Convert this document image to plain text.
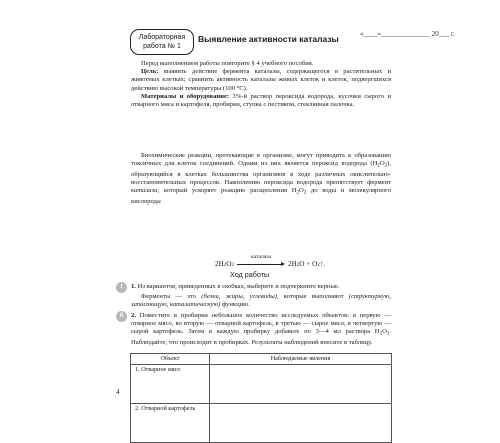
Лабораторная
работа № 1
Выявление активности каталазы	«____»______________ 20___ г.

Перед выполнением работы повторите § 4 учебного пособия.

Цель: выявить действие фермента каталазы, содержащегося в растительных и животных клетках; сравнить активность каталазы живых клеток и клеток, подвергшихся действию высокой температуры (100 °C).

Материалы и оборудование: 3%-й раствор пероксида водорода, кусочки сырого и отварного мяса и картофеля, пробирки, ступка с пестиком, стеклянная палочка.

Биохимические реакции, протекающие в организме, могут приводить к образованию токсичных для клеток соединений. Одним из них является пероксид водорода $(H_2O_2)$, образующийся в клетках большинства организмов в ходе различных окислительно-восстановительных процессов. Накоплению пероксида водорода препятствует фермент каталаза, который ускоряет реакцию расщепления $H_2O_2$ до воды и молекулярного кислорода:

2H 2 O 2
каталаза
2H 2 O + O 2 ↑.
Ход работы
I	1. Из вариантов, приведенных в скобках, выберите и подчеркните верные.

Ферменты — это (белки, жиры, углеводы), которые выполняют (структурную, запасающую, каталитическую) функцию.

II	2. Поместите в пробирки небольшое количество исследуемых объектов: в первую — отварное мясо, во вторую — отварной картофель, в третью — сырое мясо, в четвертую — сырой картофель. Затем в каждую пробирку добавьте по 3—4 мл раствора $H_2O_2$. Наблюдайте, что происходит в пробирках. Результаты наблюдений внесите в таблицу.

Объект	Наблюдаемые явления
1. Отварное мясо	
2. Отварной картофель	
4
